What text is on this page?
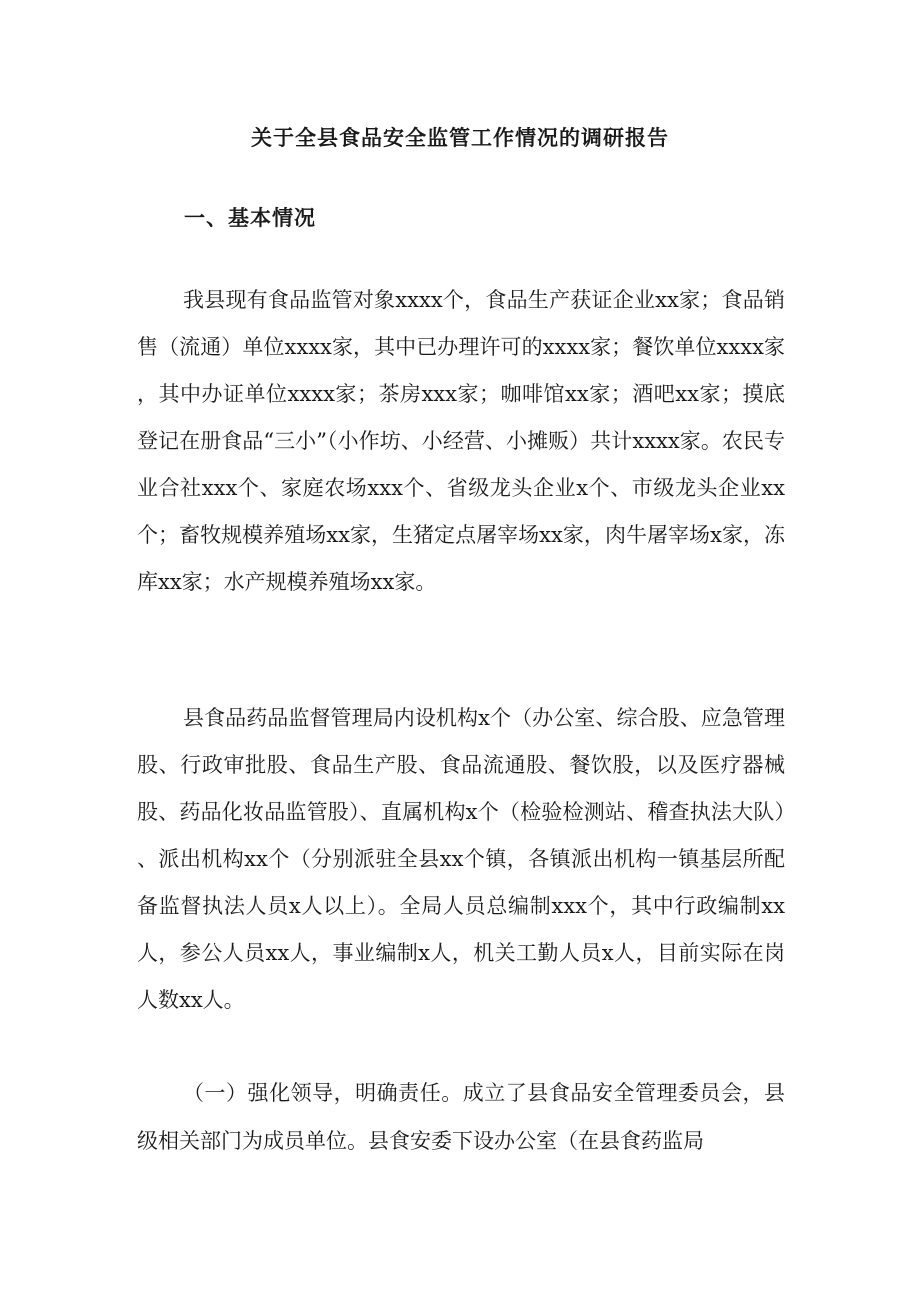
关于全县食品安全监管工作情况的调研报告
一、基本情况

我县现有食品监管对象xxxx个，食品生产获证企业xx家；食品销售（流通）单位xxxx家，其中已办理许可的xxxx家；餐饮单位xxxx家，其中办证单位xxxx家；茶房xxx家；咖啡馆xx家；酒吧xx家；摸底登记在册食品“三小”（小作坊、小经营、小摊贩）共计xxxx家。农民专业合社xxx个、家庭农场xxx个、省级龙头企业x个、市级龙头企业xx个；畜牧规模养殖场xx家，生猪定点屠宰场xx家，肉牛屠宰场x家，冻库xx家；水产规模养殖场xx家。

县食品药品监督管理局内设机构x个（办公室、综合股、应急管理股、行政审批股、食品生产股、食品流通股、餐饮股，以及医疗器械股、药品化妆品监管股）、直属机构x个（检验检测站、稽查执法大队）、派出机构xx个（分别派驻全县xx个镇，各镇派出机构一镇基层所配备监督执法人员x人以上）。全局人员总编制xxx个，其中行政编制xx人，参公人员xx人，事业编制x人，机关工勤人员x人，目前实际在岗人数xx人。

（一）强化领导，明确责任。成立了县食品安全管理委员会，县级相关部门为成员单位。县食安委下设办公室（在县食药监局
